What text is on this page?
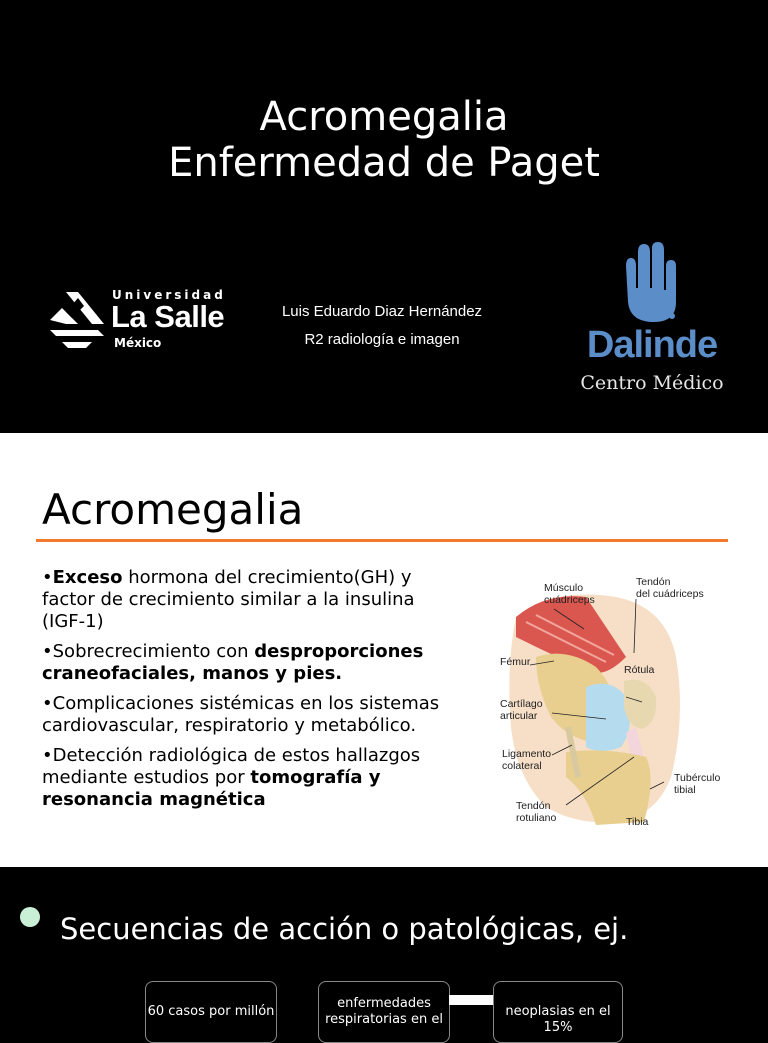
Acromegalia
Enfermedad de Paget
Universidad
La Salle
México
Luis Eduardo Diaz Hernández
R2 radiología e imagen	Dalinde
Centro Médico
Acromegalia
•Exceso hormona del crecimiento(GH) y factor de crecimiento similar a la insulina (IGF-1)
•Sobrecrecimiento con desproporciones craneofaciales, manos y pies.
•Complicaciones sistémicas en los sistemas cardiovascular, respiratorio y metabólico.
•Detección radiológica de estos hallazgos mediante estudios por tomografía y resonancia magnética
Músculo
cuádriceps
Tendón
del cuádriceps
Fémur
Rótula
Cartílago
articular
Ligamento
colateral
Tubérculo
tibial
Tendón
rotuliano	Tibia
Secuencias de acción o patológicas, ej.
60 casos por millón
enfermedades respiratorias en el
neoplasias en el 15%
